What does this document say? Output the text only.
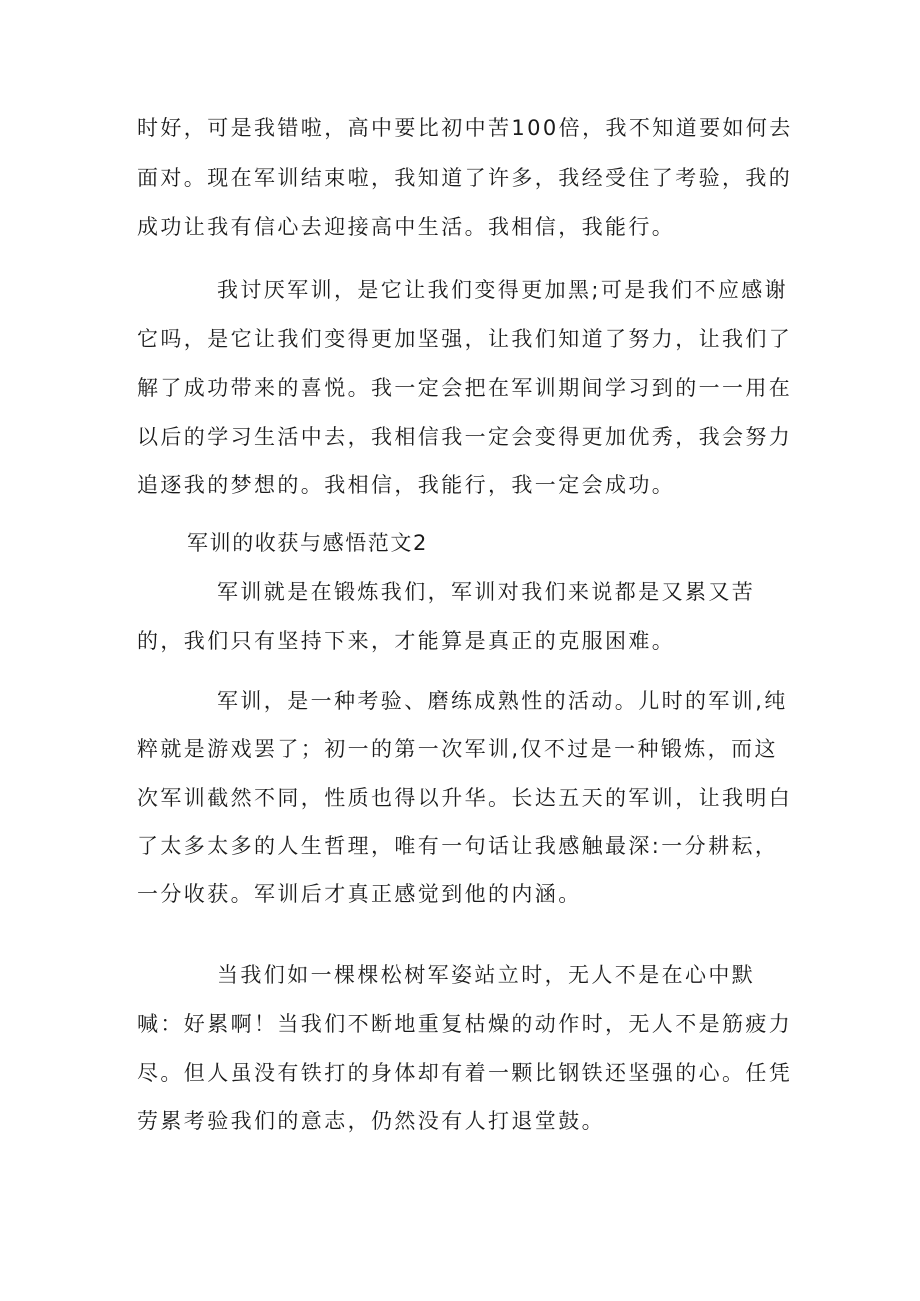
时好，可是我错啦，高中要比初中苦100倍，我不知道要如何去
面对。现在军训结束啦，我知道了许多，我经受住了考验，我的
成功让我有信心去迎接高中生活。我相信，我能行。
我讨厌军训，是它让我们变得更加黑;可是我们不应感谢
它吗，是它让我们变得更加坚强，让我们知道了努力，让我们了
解了成功带来的喜悦。我一定会把在军训期间学习到的一一用在
以后的学习生活中去，我相信我一定会变得更加优秀，我会努力
追逐我的梦想的。我相信，我能行，我一定会成功。
军训的收获与感悟范文2
军训就是在锻炼我们，军训对我们来说都是又累又苦
的，我们只有坚持下来，才能算是真正的克服困难。
军训，是一种考验、磨练成熟性的活动。儿时的军训,纯
粹就是游戏罢了；初一的第一次军训,仅不过是一种锻炼，而这
次军训截然不同，性质也得以升华。长达五天的军训，让我明白
了太多太多的人生哲理，唯有一句话让我感触最深:一分耕耘，
一分收获。军训后才真正感觉到他的内涵。
当我们如一棵棵松树军姿站立时，无人不是在心中默
喊：好累啊！当我们不断地重复枯燥的动作时，无人不是筋疲力
尽。但人虽没有铁打的身体却有着一颗比钢铁还坚强的心。任凭
劳累考验我们的意志，仍然没有人打退堂鼓。
